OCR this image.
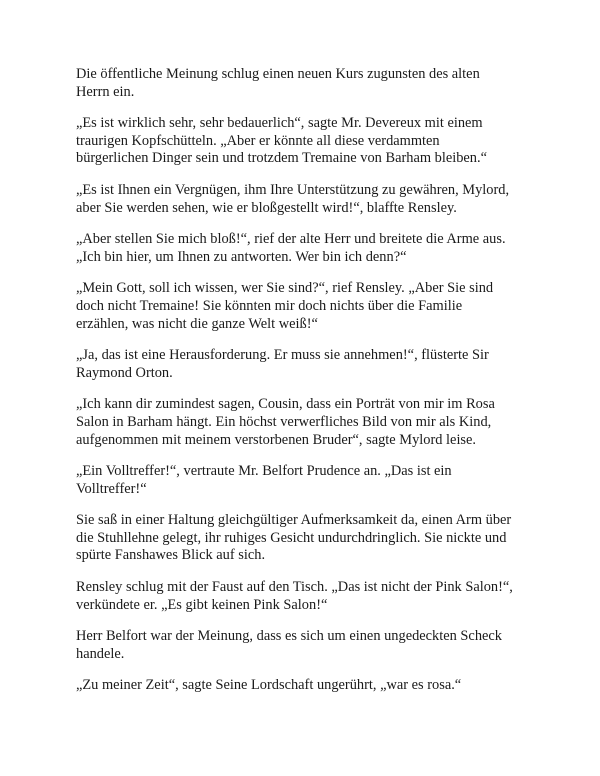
Die öffentliche Meinung schlug einen neuen Kurs zugunsten des alten
Herrn ein.

„Es ist wirklich sehr, sehr bedauerlich“, sagte Mr. Devereux mit einem
traurigen Kopfschütteln. „Aber er könnte all diese verdammten
bürgerlichen Dinger sein und trotzdem Tremaine von Barham bleiben.“

„Es ist Ihnen ein Vergnügen, ihm Ihre Unterstützung zu gewähren, Mylord,
aber Sie werden sehen, wie er bloßgestellt wird!“, blaffte Rensley.

„Aber stellen Sie mich bloß!“, rief der alte Herr und breitete die Arme aus.
„Ich bin hier, um Ihnen zu antworten. Wer bin ich denn?“

„Mein Gott, soll ich wissen, wer Sie sind?“, rief Rensley. „Aber Sie sind
doch nicht Tremaine! Sie könnten mir doch nichts über die Familie
erzählen, was nicht die ganze Welt weiß!“

„Ja, das ist eine Herausforderung. Er muss sie annehmen!“, flüsterte Sir
Raymond Orton.

„Ich kann dir zumindest sagen, Cousin, dass ein Porträt von mir im Rosa
Salon in Barham hängt. Ein höchst verwerfliches Bild von mir als Kind,
aufgenommen mit meinem verstorbenen Bruder“, sagte Mylord leise.

„Ein Volltreffer!“, vertraute Mr. Belfort Prudence an. „Das ist ein
Volltreffer!“

Sie saß in einer Haltung gleichgültiger Aufmerksamkeit da, einen Arm über
die Stuhllehne gelegt, ihr ruhiges Gesicht undurchdringlich. Sie nickte und
spürte Fanshawes Blick auf sich.

Rensley schlug mit der Faust auf den Tisch. „Das ist nicht der Pink Salon!“,
verkündete er. „Es gibt keinen Pink Salon!“

Herr Belfort war der Meinung, dass es sich um einen ungedeckten Scheck
handele.

„Zu meiner Zeit“, sagte Seine Lordschaft ungerührt, „war es rosa.“
